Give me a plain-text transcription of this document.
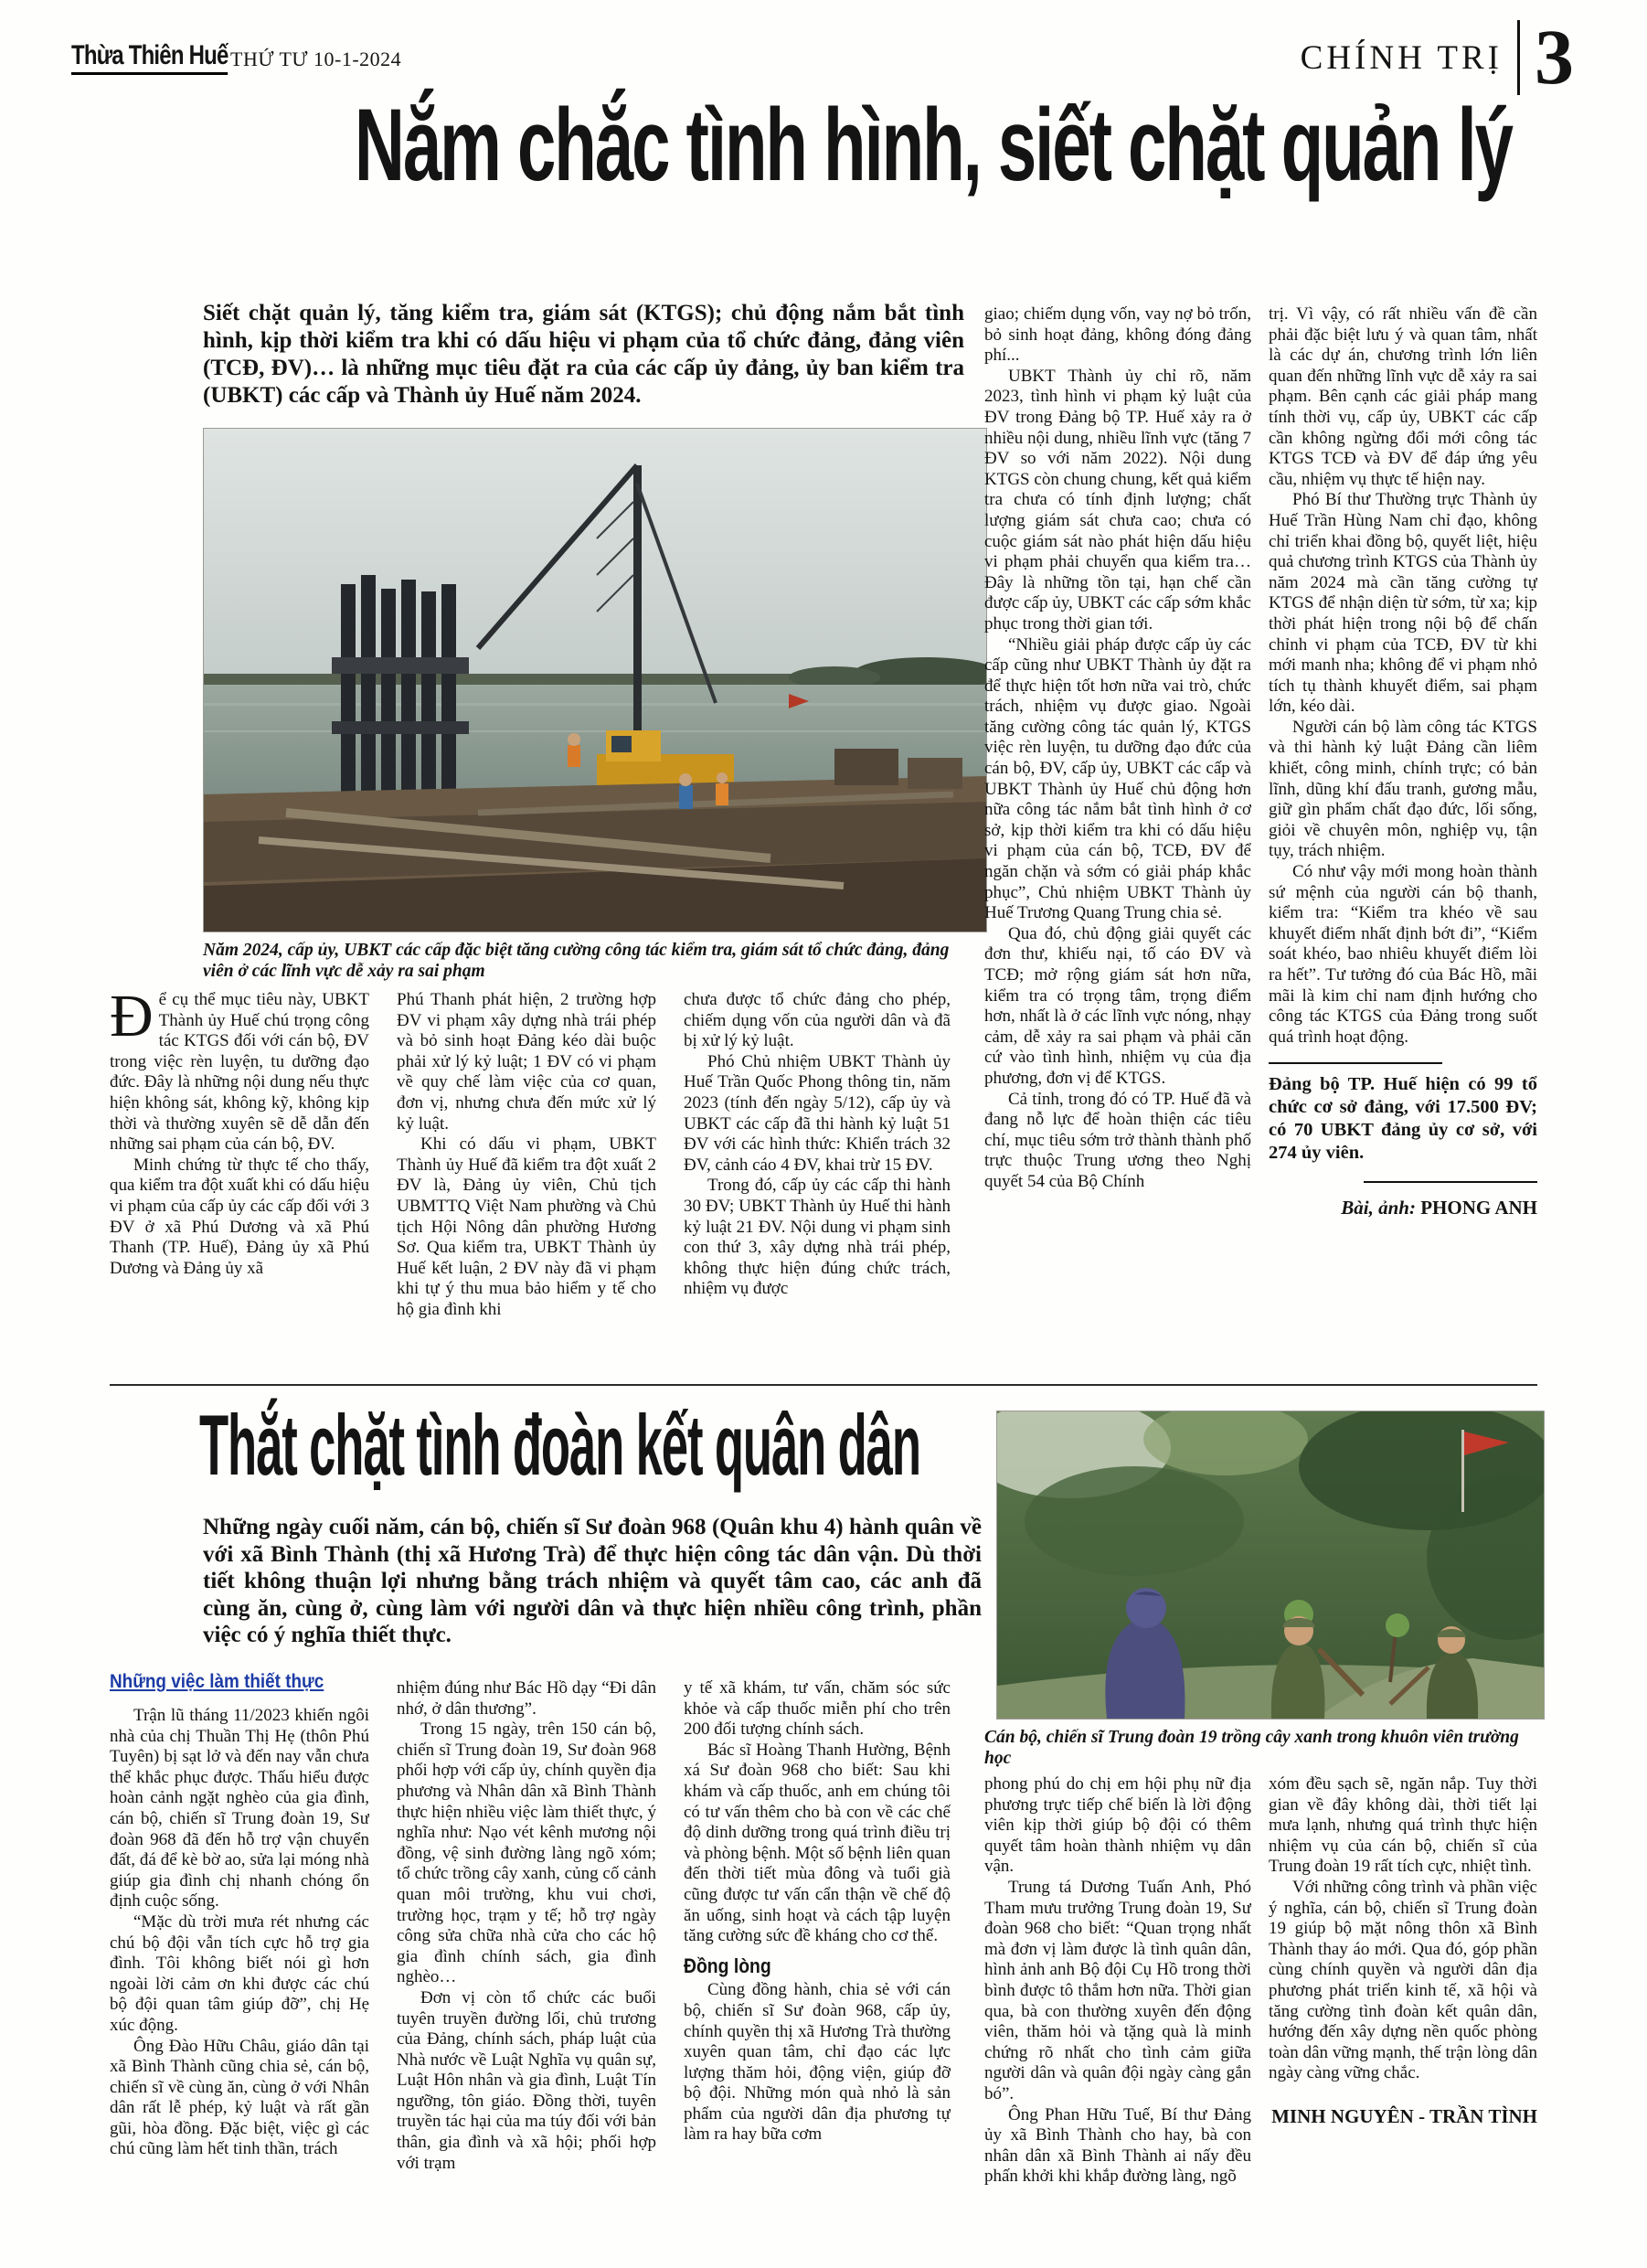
Thừa Thiên Huế THỨ TƯ 10-1-2024	CHÍNH TRỊ 3
Nắm chắc tình hình, siết chặt quản lý
Siết chặt quản lý, tăng kiểm tra, giám sát (KTGS); chủ động nắm bắt tình hình, kịp thời kiểm tra khi có dấu hiệu vi phạm của tổ chức đảng, đảng viên (TCĐ, ĐV)… là những mục tiêu đặt ra của các cấp ủy đảng, ủy ban kiểm tra (UBKT) các cấp và Thành ủy Huế năm 2024.
Năm 2024, cấp ủy, UBKT các cấp đặc biệt tăng cường công tác kiểm tra, giám sát tổ chức đảng, đảng viên ở các lĩnh vực dễ xảy ra sai phạm

Để cụ thể mục tiêu này, UBKT Thành ủy Huế chú trọng công tác KTGS đối với cán bộ, ĐV trong việc rèn luyện, tu dưỡng đạo đức. Đây là những nội dung nếu thực hiện không sát, không kỹ, không kịp thời và thường xuyên sẽ dễ dẫn đến những sai phạm của cán bộ, ĐV.

Minh chứng từ thực tế cho thấy, qua kiểm tra đột xuất khi có dấu hiệu vi phạm của cấp ủy các cấp đối với 3 ĐV ở xã Phú Dương và xã Phú Thanh (TP. Huế), Đảng ủy xã Phú Dương và Đảng ủy xã

Phú Thanh phát hiện, 2 trường hợp ĐV vi phạm xây dựng nhà trái phép và bỏ sinh hoạt Đảng kéo dài buộc phải xử lý kỷ luật; 1 ĐV có vi phạm về quy chế làm việc của cơ quan, đơn vị, nhưng chưa đến mức xử lý kỷ luật.

Khi có dấu vi phạm, UBKT Thành ủy Huế đã kiểm tra đột xuất 2 ĐV là, Đảng ủy viên, Chủ tịch UBMTTQ Việt Nam phường và Chủ tịch Hội Nông dân phường Hương Sơ. Qua kiểm tra, UBKT Thành ủy Huế kết luận, 2 ĐV này đã vi phạm khi tự ý thu mua bảo hiểm y tế cho hộ gia đình khi

chưa được tổ chức đảng cho phép, chiếm dụng vốn của người dân và đã bị xử lý kỷ luật.

Phó Chủ nhiệm UBKT Thành ủy Huế Trần Quốc Phong thông tin, năm 2023 (tính đến ngày 5/12), cấp ủy và UBKT các cấp đã thi hành kỷ luật 51 ĐV với các hình thức: Khiển trách 32 ĐV, cảnh cáo 4 ĐV, khai trừ 15 ĐV.

Trong đó, cấp ủy các cấp thi hành 30 ĐV; UBKT Thành ủy Huế thi hành kỷ luật 21 ĐV. Nội dung vi phạm sinh con thứ 3, xây dựng nhà trái phép, không thực hiện đúng chức trách, nhiệm vụ được

giao; chiếm dụng vốn, vay nợ bỏ trốn, bỏ sinh hoạt đảng, không đóng đảng phí...

UBKT Thành ủy chỉ rõ, năm 2023, tình hình vi phạm kỷ luật của ĐV trong Đảng bộ TP. Huế xảy ra ở nhiều nội dung, nhiều lĩnh vực (tăng 7 ĐV so với năm 2022). Nội dung KTGS còn chung chung, kết quả kiểm tra chưa có tính định lượng; chất lượng giám sát chưa cao; chưa có cuộc giám sát nào phát hiện dấu hiệu vi phạm phải chuyển qua kiểm tra… Đây là những tồn tại, hạn chế cần được cấp ủy, UBKT các cấp sớm khắc phục trong thời gian tới.

“Nhiều giải pháp được cấp ủy các cấp cũng như UBKT Thành ủy đặt ra để thực hiện tốt hơn nữa vai trò, chức trách, nhiệm vụ được giao. Ngoài tăng cường công tác quản lý, KTGS việc rèn luyện, tu dưỡng đạo đức của cán bộ, ĐV, cấp ủy, UBKT các cấp và UBKT Thành ủy Huế chủ động hơn nữa công tác nắm bắt tình hình ở cơ sở, kịp thời kiểm tra khi có dấu hiệu vi phạm của cán bộ, TCĐ, ĐV để ngăn chặn và sớm có giải pháp khắc phục”, Chủ nhiệm UBKT Thành ủy Huế Trương Quang Trung chia sẻ.

Qua đó, chủ động giải quyết các đơn thư, khiếu nại, tố cáo ĐV và TCĐ; mở rộng giám sát hơn nữa, kiểm tra có trọng tâm, trọng điểm hơn, nhất là ở các lĩnh vực nóng, nhạy cảm, dễ xảy ra sai phạm và phải căn cứ vào tình hình, nhiệm vụ của địa phương, đơn vị để KTGS.

Cả tỉnh, trong đó có TP. Huế đã và đang nỗ lực để hoàn thiện các tiêu chí, mục tiêu sớm trở thành thành phố trực thuộc Trung ương theo Nghị quyết 54 của Bộ Chính

trị. Vì vậy, có rất nhiều vấn đề cần phải đặc biệt lưu ý và quan tâm, nhất là các dự án, chương trình lớn liên quan đến những lĩnh vực dễ xảy ra sai phạm. Bên cạnh các giải pháp mang tính thời vụ, cấp ủy, UBKT các cấp cần không ngừng đổi mới công tác KTGS TCĐ và ĐV để đáp ứng yêu cầu, nhiệm vụ thực tế hiện nay.

Phó Bí thư Thường trực Thành ủy Huế Trần Hùng Nam chỉ đạo, không chỉ triển khai đồng bộ, quyết liệt, hiệu quả chương trình KTGS của Thành ủy năm 2024 mà cần tăng cường tự KTGS để nhận diện từ sớm, từ xa; kịp thời phát hiện trong nội bộ để chấn chỉnh vi phạm của TCĐ, ĐV từ khi mới manh nha; không để vi phạm nhỏ tích tụ thành khuyết điểm, sai phạm lớn, kéo dài.

Người cán bộ làm công tác KTGS và thi hành kỷ luật Đảng cần liêm khiết, công minh, chính trực; có bản lĩnh, dũng khí đấu tranh, gương mẫu, giữ gìn phẩm chất đạo đức, lối sống, giỏi về chuyên môn, nghiệp vụ, tận tụy, trách nhiệm.

Có như vậy mới mong hoàn thành sứ mệnh của người cán bộ thanh, kiểm tra: “Kiểm tra khéo về sau khuyết điểm nhất định bớt đi”, “Kiểm soát khéo, bao nhiêu khuyết điểm lòi ra hết”. Tư tưởng đó của Bác Hồ, mãi mãi là kim chỉ nam định hướng cho công tác KTGS của Đảng trong suốt quá trình hoạt động.

Đảng bộ TP. Huế hiện có 99 tổ chức cơ sở đảng, với 17.500 ĐV; có 70 UBKT đảng ủy cơ sở, với 274 ủy viên.
Bài, ảnh: PHONG ANH
Thắt chặt tình đoàn kết quân dân
Những ngày cuối năm, cán bộ, chiến sĩ Sư đoàn 968 (Quân khu 4) hành quân về với xã Bình Thành (thị xã Hương Trà) để thực hiện công tác dân vận. Dù thời tiết không thuận lợi nhưng bằng trách nhiệm và quyết tâm cao, các anh đã cùng ăn, cùng ở, cùng làm với người dân và thực hiện nhiều công trình, phần việc có ý nghĩa thiết thực.
Cán bộ, chiến sĩ Trung đoàn 19 trồng cây xanh trong khuôn viên trường học
Những việc làm thiết thực

Trận lũ tháng 11/2023 khiến ngôi nhà của chị Thuần Thị Hẹ (thôn Phú Tuyên) bị sạt lở và đến nay vẫn chưa thể khắc phục được. Thấu hiểu được hoàn cảnh ngặt nghèo của gia đình, cán bộ, chiến sĩ Trung đoàn 19, Sư đoàn 968 đã đến hỗ trợ vận chuyển đất, đá để kè bờ ao, sửa lại móng nhà giúp gia đình chị nhanh chóng ổn định cuộc sống.

“Mặc dù trời mưa rét nhưng các chú bộ đội vẫn tích cực hỗ trợ gia đình. Tôi không biết nói gì hơn ngoài lời cảm ơn khi được các chú bộ đội quan tâm giúp đỡ”, chị Hẹ xúc động.

Ông Đào Hữu Châu, giáo dân tại xã Bình Thành cũng chia sẻ, cán bộ, chiến sĩ về cùng ăn, cùng ở với Nhân dân rất lễ phép, kỷ luật và rất gần gũi, hòa đồng. Đặc biệt, việc gì các chú cũng làm hết tinh thần, trách

nhiệm đúng như Bác Hồ dạy “Đi dân nhớ, ở dân thương”.

Trong 15 ngày, trên 150 cán bộ, chiến sĩ Trung đoàn 19, Sư đoàn 968 phối hợp với cấp ủy, chính quyền địa phương và Nhân dân xã Bình Thành thực hiện nhiều việc làm thiết thực, ý nghĩa như: Nạo vét kênh mương nội đồng, vệ sinh đường làng ngõ xóm; tổ chức trồng cây xanh, củng cố cảnh quan môi trường, khu vui chơi, trường học, trạm y tế; hỗ trợ ngày công sửa chữa nhà cửa cho các hộ gia đình chính sách, gia đình nghèo…

Đơn vị còn tổ chức các buổi tuyên truyền đường lối, chủ trương của Đảng, chính sách, pháp luật của Nhà nước về Luật Nghĩa vụ quân sự, Luật Hôn nhân và gia đình, Luật Tín ngưỡng, tôn giáo. Đồng thời, tuyên truyền tác hại của ma túy đối với bản thân, gia đình và xã hội; phối hợp với trạm

y tế xã khám, tư vấn, chăm sóc sức khỏe và cấp thuốc miễn phí cho trên 200 đối tượng chính sách.

Bác sĩ Hoàng Thanh Hường, Bệnh xá Sư đoàn 968 cho biết: Sau khi khám và cấp thuốc, anh em chúng tôi có tư vấn thêm cho bà con về các chế độ dinh dưỡng trong quá trình điều trị và phòng bệnh. Một số bệnh liên quan đến thời tiết mùa đông và tuổi già cũng được tư vấn cẩn thận về chế độ ăn uống, sinh hoạt và cách tập luyện tăng cường sức đề kháng cho cơ thể.

Đồng lòng

Cùng đồng hành, chia sẻ với cán bộ, chiến sĩ Sư đoàn 968, cấp ủy, chính quyền thị xã Hương Trà thường xuyên quan tâm, chỉ đạo các lực lượng thăm hỏi, động viện, giúp đỡ bộ đội. Những món quà nhỏ là sản phẩm của người dân địa phương tự làm ra hay bữa cơm

phong phú do chị em hội phụ nữ địa phương trực tiếp chế biến là lời động viên kịp thời giúp bộ đội có thêm quyết tâm hoàn thành nhiệm vụ dân vận.

Trung tá Dương Tuấn Anh, Phó Tham mưu trưởng Trung đoàn 19, Sư đoàn 968 cho biết: “Quan trọng nhất mà đơn vị làm được là tình quân dân, hình ảnh anh Bộ đội Cụ Hồ trong thời bình được tô thắm hơn nữa. Thời gian qua, bà con thường xuyên đến động viên, thăm hỏi và tặng quà là minh chứng rõ nhất cho tình cảm giữa người dân và quân đội ngày càng gắn bó”.

Ông Phan Hữu Tuế, Bí thư Đảng ủy xã Bình Thành cho hay, bà con nhân dân xã Bình Thành ai nấy đều phấn khởi khi khắp đường làng, ngõ

xóm đều sạch sẽ, ngăn nắp. Tuy thời gian về đây không dài, thời tiết lại mưa lạnh, nhưng quá trình thực hiện nhiệm vụ của cán bộ, chiến sĩ của Trung đoàn 19 rất tích cực, nhiệt tình.

Với những công trình và phần việc ý nghĩa, cán bộ, chiến sĩ Trung đoàn 19 giúp bộ mặt nông thôn xã Bình Thành thay áo mới. Qua đó, góp phần cùng chính quyền và người dân địa phương phát triển kinh tế, xã hội và tăng cường tình đoàn kết quân dân, hướng đến xây dựng nền quốc phòng toàn dân vững mạnh, thế trận lòng dân ngày càng vững chắc.

MINH NGUYÊN - TRẦN TÌNH
